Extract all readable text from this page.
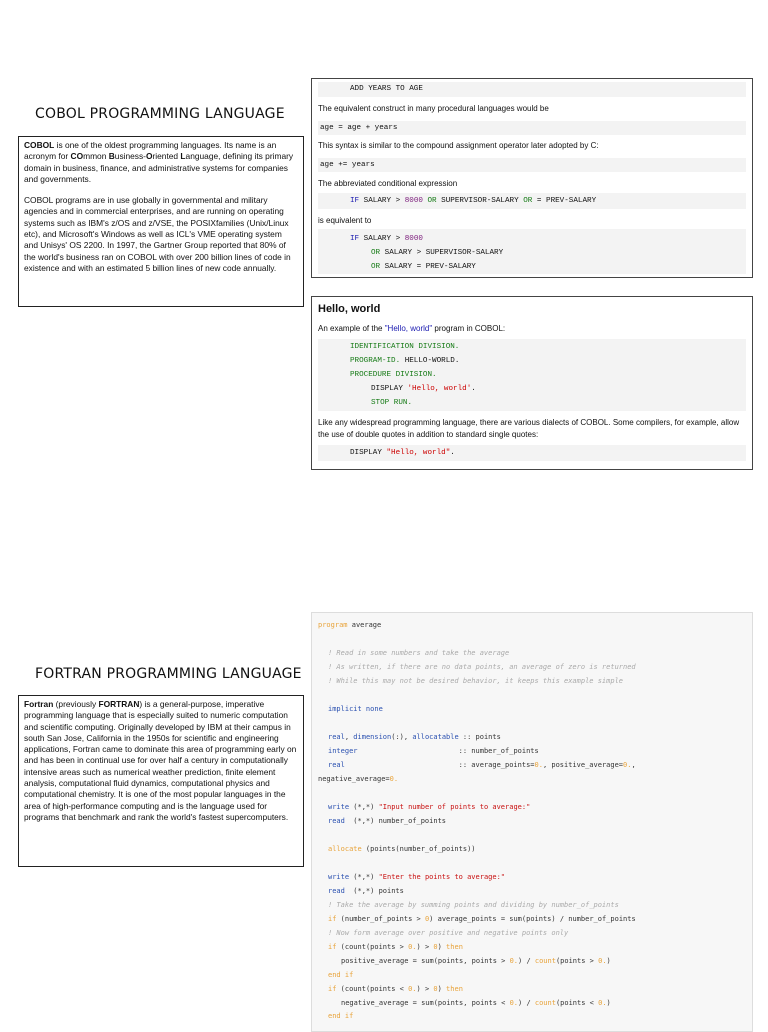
COBOL PROGRAMMING LANGUAGE

COBOL is one of the oldest programming languages. Its name is an acronym for COmmon Business-Oriented Language, defining its primary domain in business, finance, and administrative systems for companies and governments.

COBOL programs are in use globally in governmental and military agencies and in commercial enterprises, and are running on operating systems such as IBM's z/OS and z/VSE, the POSIXfamilies (Unix/Linux etc), and Microsoft's Windows as well as ICL's VME operating system and Unisys' OS 2200. In 1997, the Gartner Group reported that 80% of the world's business ran on COBOL with over 200 billion lines of code in existence and with an estimated 5 billion lines of new code annually.

ADD YEARS TO AGE
The equivalent construct in many procedural languages would be
age = age + years
This syntax is similar to the compound assignment operator later adopted by C:
age += years
The abbreviated conditional expression
IF SALARY > 8000 OR SUPERVISOR-SALARY OR = PREV-SALARY
is equivalent to
IF SALARY > 8000
OR SALARY > SUPERVISOR-SALARY
OR SALARY = PREV-SALARY
Hello, world
An example of the "Hello, world" program in COBOL:
IDENTIFICATION DIVISION.
PROGRAM-ID. HELLO-WORLD.
PROCEDURE DIVISION.
DISPLAY 'Hello, world'.
STOP RUN.
Like any widespread programming language, there are various dialects of COBOL. Some compilers, for example, allow the use of double quotes in addition to standard single quotes:
DISPLAY "Hello, world".
FORTRAN PROGRAMMING LANGUAGE

Fortran (previously FORTRAN) is a general-purpose, imperative programming language that is especially suited to numeric computation and scientific computing. Originally developed by IBM at their campus in south San Jose, California in the 1950s for scientific and engineering applications, Fortran came to dominate this area of programming early on and has been in continual use for over half a century in computationally intensive areas such as numerical weather prediction, finite element analysis, computational fluid dynamics, computational physics and computational chemistry. It is one of the most popular languages in the area of high-performance computing and is the language used for programs that benchmark and rank the world's fastest supercomputers.

program average
! Read in some numbers and take the average
! As written, if there are no data points, an average of zero is returned
! While this may not be desired behavior, it keeps this example simple
implicit none
real, dimension(:), allocatable :: points
integer                        :: number_of_points
real                           :: average_points=0., positive_average=0.,
negative_average=0.
write (*,*) "Input number of points to average:"
read  (*,*) number_of_points
allocate (points(number_of_points))
write (*,*) "Enter the points to average:"
read  (*,*) points
! Take the average by summing points and dividing by number_of_points
if (number_of_points > 0) average_points = sum(points) / number_of_points
! Now form average over positive and negative points only
if (count(points > 0.) > 0) then
positive_average = sum(points, points > 0.) / count(points > 0.)
end if
if (count(points < 0.) > 0) then
negative_average = sum(points, points < 0.) / count(points < 0.)
end if
